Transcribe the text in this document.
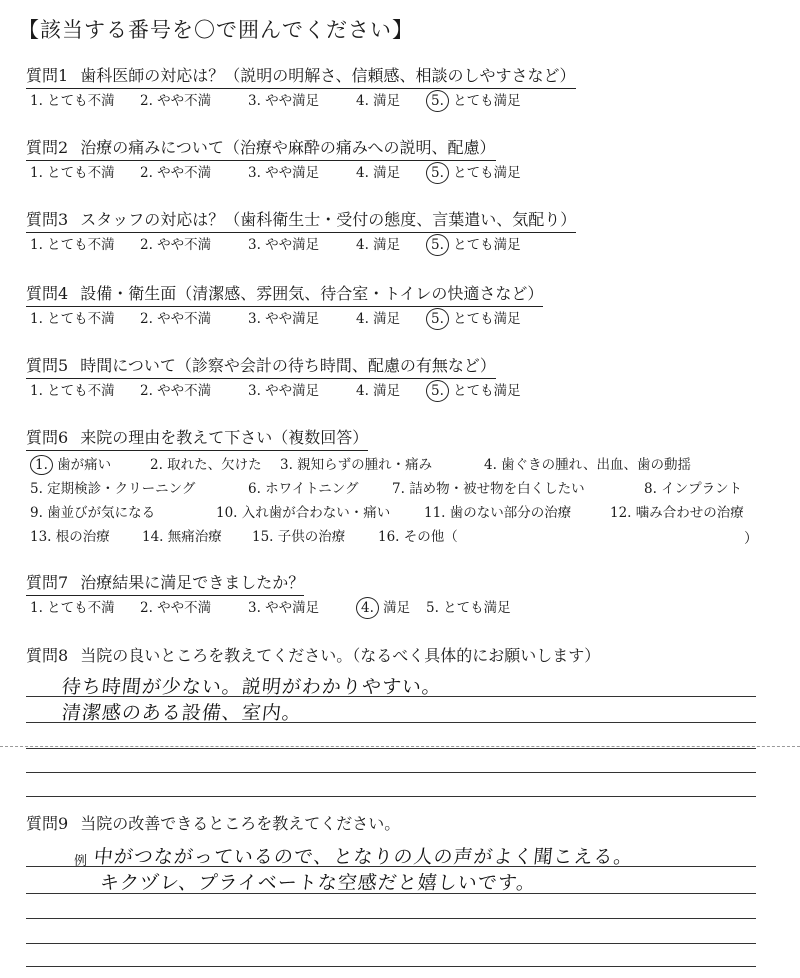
【該当する番号を〇で囲んでください】
質問1 歯科医師の対応は？（説明の明解さ、信頼感、相談のしやすさなど）
1. とても不満 2. やや不満	3. やや満足	4. 満足	5. とても満足
質問2 治療の痛みについて（治療や麻酔の痛みへの説明、配慮）
1. とても不満 2. やや不満	3. やや満足	4. 満足	5. とても満足
質問3 スタッフの対応は？（歯科衛生士・受付の態度、言葉遣い、気配り）
1. とても不満 2. やや不満	3. やや満足	4. 満足	5. とても満足
質問4 設備・衛生面（清潔感、雰囲気、待合室・トイレの快適さなど）
1. とても不満 2. やや不満	3. やや満足	4. 満足	5. とても満足
質問5 時間について（診察や会計の待ち時間、配慮の有無など）
1. とても不満 2. やや不満	3. やや満足	4. 満足	5. とても満足
質問6 来院の理由を教えて下さい（複数回答）
1. 歯が痛い	2. 取れた、欠けた 3. 親知らずの腫れ・痛み	4. 歯ぐきの腫れ、出血、歯の動揺
5. 定期検診・クリーニング	6. ホワイトニング 7. 詰め物・被せ物を白くしたい	8. インプラント
9. 歯並びが気になる	10. 入れ歯が合わない・痛い 11. 歯のない部分の治療	12. 噛み合わせの治療
13. 根の治療 14. 無痛治療 15. 子供の治療 16. その他（	）
質問7 治療結果に満足できましたか？
1. とても不満 2. やや不満	3. やや満足	4. 満足 5. とても満足
質問8 当院の良いところを教えてください。（なるべく具体的にお願いします）
待ち時間が少ない。説明がわかりやすい。
清潔感のある設備、室内。
質問9 当院の改善できるところを教えてください。
例 中がつながっているので、となりの人の声がよく聞こえる。
キクヅレ、プライベートな空感だと嬉しいです。
